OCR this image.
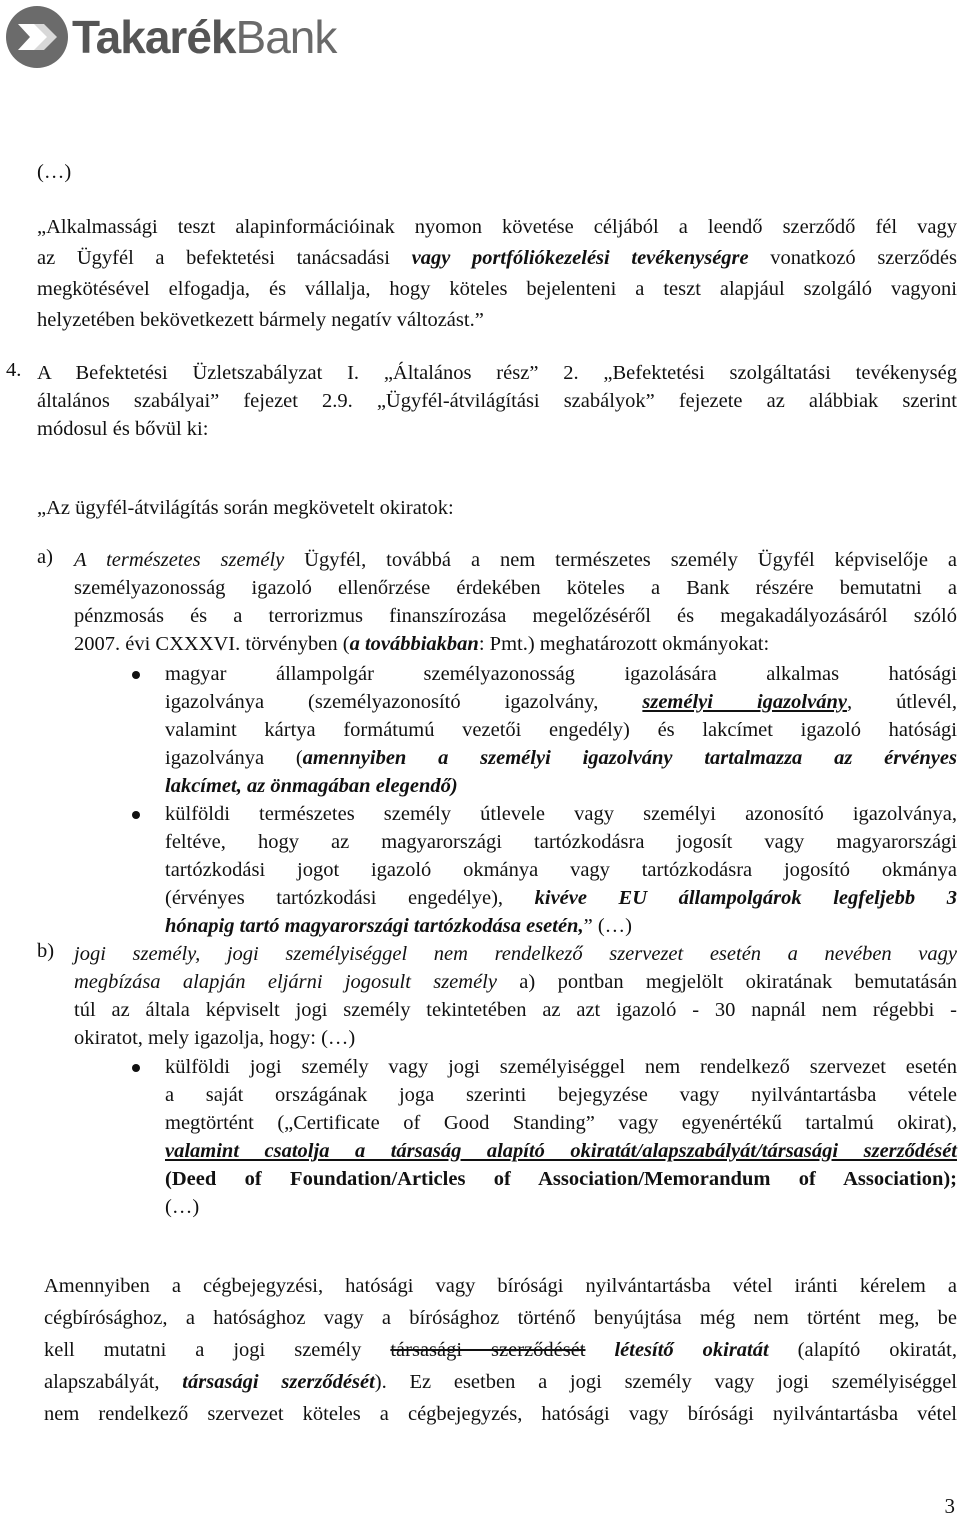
TakarékBank
(…)
„Alkalmassági teszt alapinformációinak nyomon követése céljából a leendő szerződő fél vagy
az Ügyfél a befektetési tanácsadási vagy portfóliókezelési tevékenységre vonatkozó szerződés
megkötésével elfogadja, és vállalja, hogy köteles bejelenteni a teszt alapjául szolgáló vagyoni
helyzetében bekövetkezett bármely negatív változást.”
4. A Befektetési Üzletszabályzat I. „Általános rész” 2. „Befektetési szolgáltatási tevékenység
általános szabályai” fejezet 2.9. „Ügyfél-átvilágítási szabályok” fejezete az alábbiak szerint
módosul és bővül ki:
„Az ügyfél-átvilágítás során megkövetelt okiratok:
a) A természetes személy Ügyfél, továbbá a nem természetes személy Ügyfél képviselője a
személyazonosság igazoló ellenőrzése érdekében köteles a Bank részére bemutatni a
pénzmosás és a terrorizmus finanszírozása megelőzéséről és megakadályozásáról szóló
2007. évi CXXXVI. törvényben (a továbbiakban: Pmt.) meghatározott okmányokat:
magyar állampolgár személyazonosság igazolására alkalmas hatósági
igazolványa (személyazonosító igazolvány, személyi igazolvány, útlevél,
valamint kártya formátumú vezetői engedély) és lakcímet igazoló hatósági
igazolványa (amennyiben a személyi igazolvány tartalmazza az érvényes
lakcímet, az önmagában elegendő)
külföldi természetes személy útlevele vagy személyi azonosító igazolványa,
feltéve, hogy az magyarországi tartózkodásra jogosít vagy magyarországi
tartózkodási jogot igazoló okmánya vagy tartózkodásra jogosító okmánya
(érvényes tartózkodási engedélye), kivéve EU állampolgárok legfeljebb 3
hónapig tartó magyarországi tartózkodása esetén,” (…)
b) jogi személy, jogi személyiséggel nem rendelkező szervezet esetén a nevében vagy
megbízása alapján eljárni jogosult személy a) pontban megjelölt okiratának bemutatásán
túl az általa képviselt jogi személy tekintetében az azt igazoló - 30 napnál nem régebbi -
okiratot, mely igazolja, hogy: (…)
külföldi jogi személy vagy jogi személyiséggel nem rendelkező szervezet esetén
a saját országának joga szerinti bejegyzése vagy nyilvántartásba vétele
megtörtént („Certificate of Good Standing” vagy egyenértékű tartalmú okirat),
valamint csatolja a társaság alapító okiratát/alapszabályát/társasági szerződését
(Deed of Foundation/Articles of Association/Memorandum of Association);
(…)
Amennyiben a cégbejegyzési, hatósági vagy bírósági nyilvántartásba vétel iránti kérelem a
cégbírósághoz, a hatósághoz vagy a bírósághoz történő benyújtása még nem történt meg, be
kell mutatni a jogi személy társasági szerződését létesítő okiratát (alapító okiratát,
alapszabályát, társasági szerződését). Ez esetben a jogi személy vagy jogi személyiséggel
nem rendelkező szervezet köteles a cégbejegyzés, hatósági vagy bírósági nyilvántartásba vétel
3
